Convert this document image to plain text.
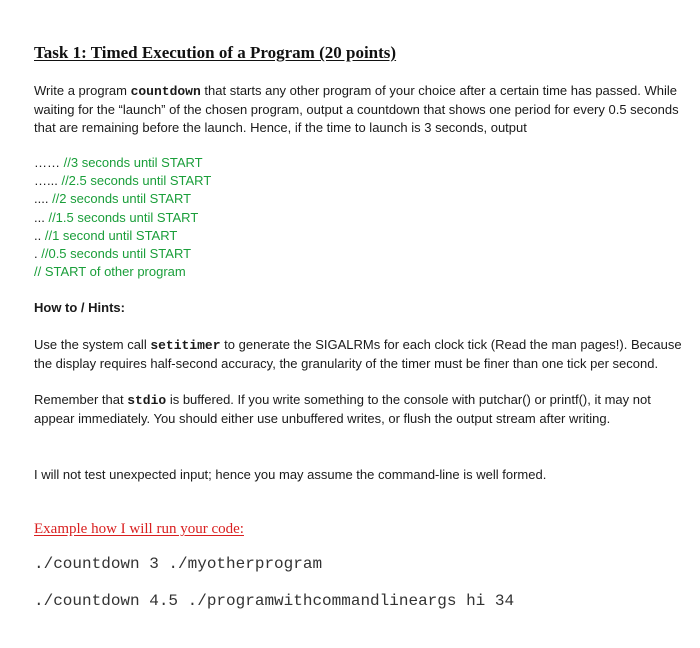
Task 1: Timed Execution of a Program (20 points)

Write a program countdown that starts any other program of your choice after a certain time has passed. While waiting for the “launch” of the chosen program, output a countdown that shows one period for every 0.5 seconds that are remaining before the launch. Hence, if the time to launch is 3 seconds, output

…… //3 seconds until START
…... //2.5 seconds until START
.... //2 seconds until START
... //1.5 seconds until START
.. //1 second until START
. //0.5 seconds until START
// START of other program
How to / Hints:

Use the system call setitimer to generate the SIGALRMs for each clock tick (Read the man pages!). Because the display requires half-second accuracy, the granularity of the timer must be finer than one tick per second.

Remember that stdio is buffered. If you write something to the console with putchar() or printf(), it may not appear immediately. You should either use unbuffered writes, or flush the output stream after writing.

I will not test unexpected input; hence you may assume the command-line is well formed.
Example how I will run your code:
./countdown 3 ./myotherprogram
./countdown 4.5 ./programwithcommandlineargs hi 34
